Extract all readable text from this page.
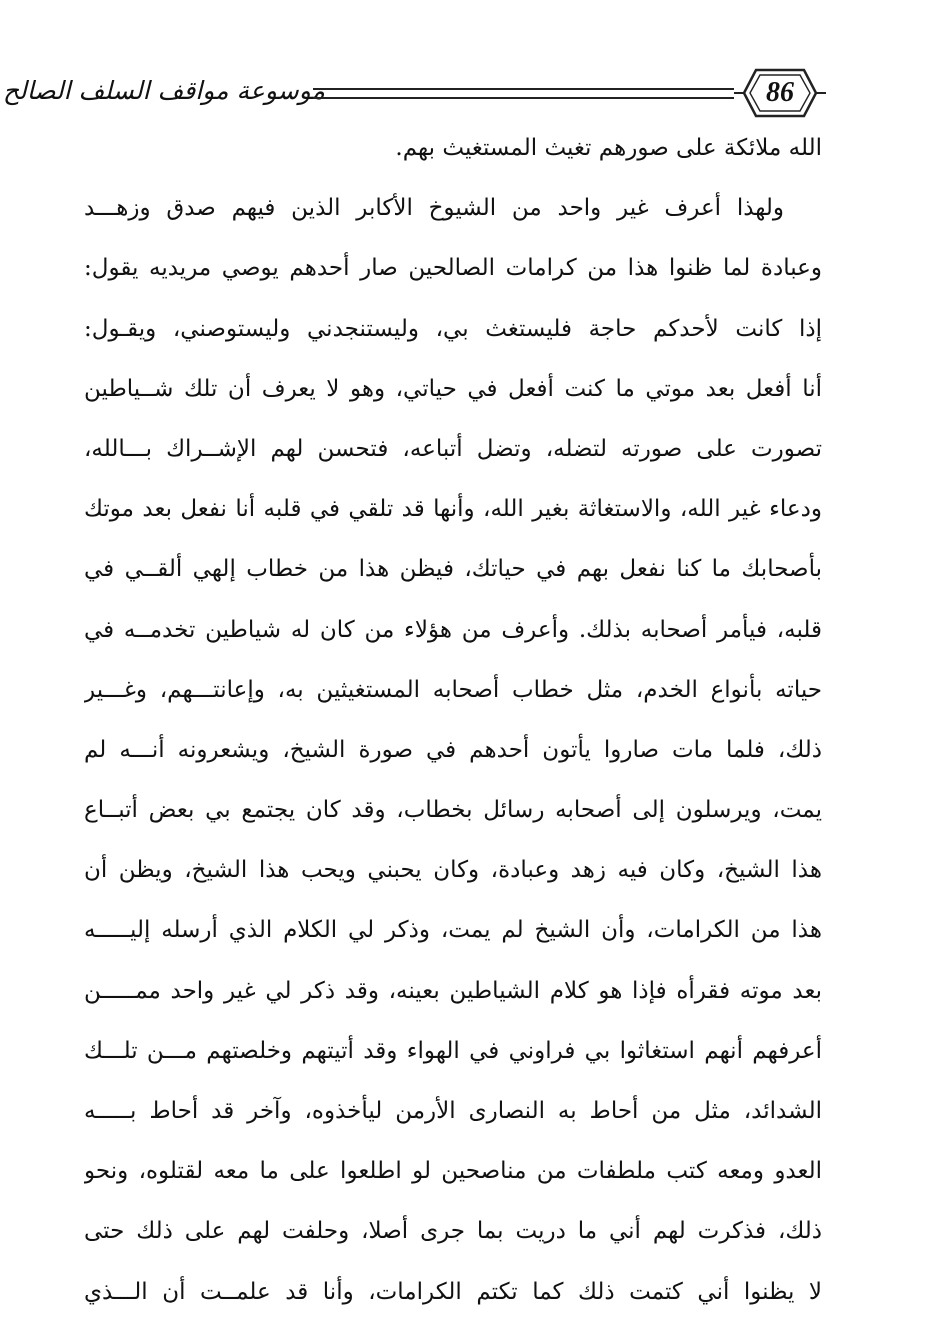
موسوعة مواقف السلف الصالح	86
الله ملائكة على صورهم تغيث المستغيث بهم.
ولهذا أعرف غير واحد من الشيوخ الأكابر الذين فيهم صدق وزهـــد
وعبادة لما ظنوا هذا من كرامات الصالحين صار أحدهم يوصي مريديه يقول:
إذا كانت لأحدكم حاجة فليستغث بي، وليستنجدني وليستوصني، ويقـول:
أنا أفعل بعد موتي ما كنت أفعل في حياتي، وهو لا يعرف أن تلك شــياطين
تصورت على صورته لتضله، وتضل أتباعه، فتحسن لهم الإشــراك بـــالله،
ودعاء غير الله، والاستغاثة بغير الله، وأنها قد تلقي في قلبه أنا نفعل بعد موتك
بأصحابك ما كنا نفعل بهم في حياتك، فيظن هذا من خطاب إلهي ألقــي في
قلبه، فيأمر أصحابه بذلك. وأعرف من هؤلاء من كان له شياطين تخدمــه في
حياته بأنواع الخدم، مثل خطاب أصحابه المستغيثين به، وإعانتـــهم، وغـــير
ذلك، فلما مات صاروا يأتون أحدهم في صورة الشيخ، ويشعرونه أنـــه لم
يمت، ويرسلون إلى أصحابه رسائل بخطاب، وقد كان يجتمع بي بعض أتبــاع
هذا الشيخ، وكان فيه زهد وعبادة، وكان يحبني ويحب هذا الشيخ، ويظن أن
هذا من الكرامات، وأن الشيخ لم يمت، وذكر لي الكلام الذي أرسله إليـــــه
بعد موته فقرأه فإذا هو كلام الشياطين بعينه، وقد ذكر لي غير واحد ممـــــن
أعرفهم أنهم استغاثوا بي فراوني في الهواء وقد أتيتهم وخلصتهم مـــن تلـــك
الشدائد، مثل من أحاط به النصارى الأرمن ليأخذوه، وآخر قد أحاط بـــــه
العدو ومعه كتب ملطفات من مناصحين لو اطلعوا على ما معه لقتلوه، ونحو
ذلك، فذكرت لهم أني ما دريت بما جرى أصلا، وحلفت لهم على ذلك حتى
لا يظنوا أني كتمت ذلك كما تكتم الكرامات، وأنا قد علمــت أن الـــذي
